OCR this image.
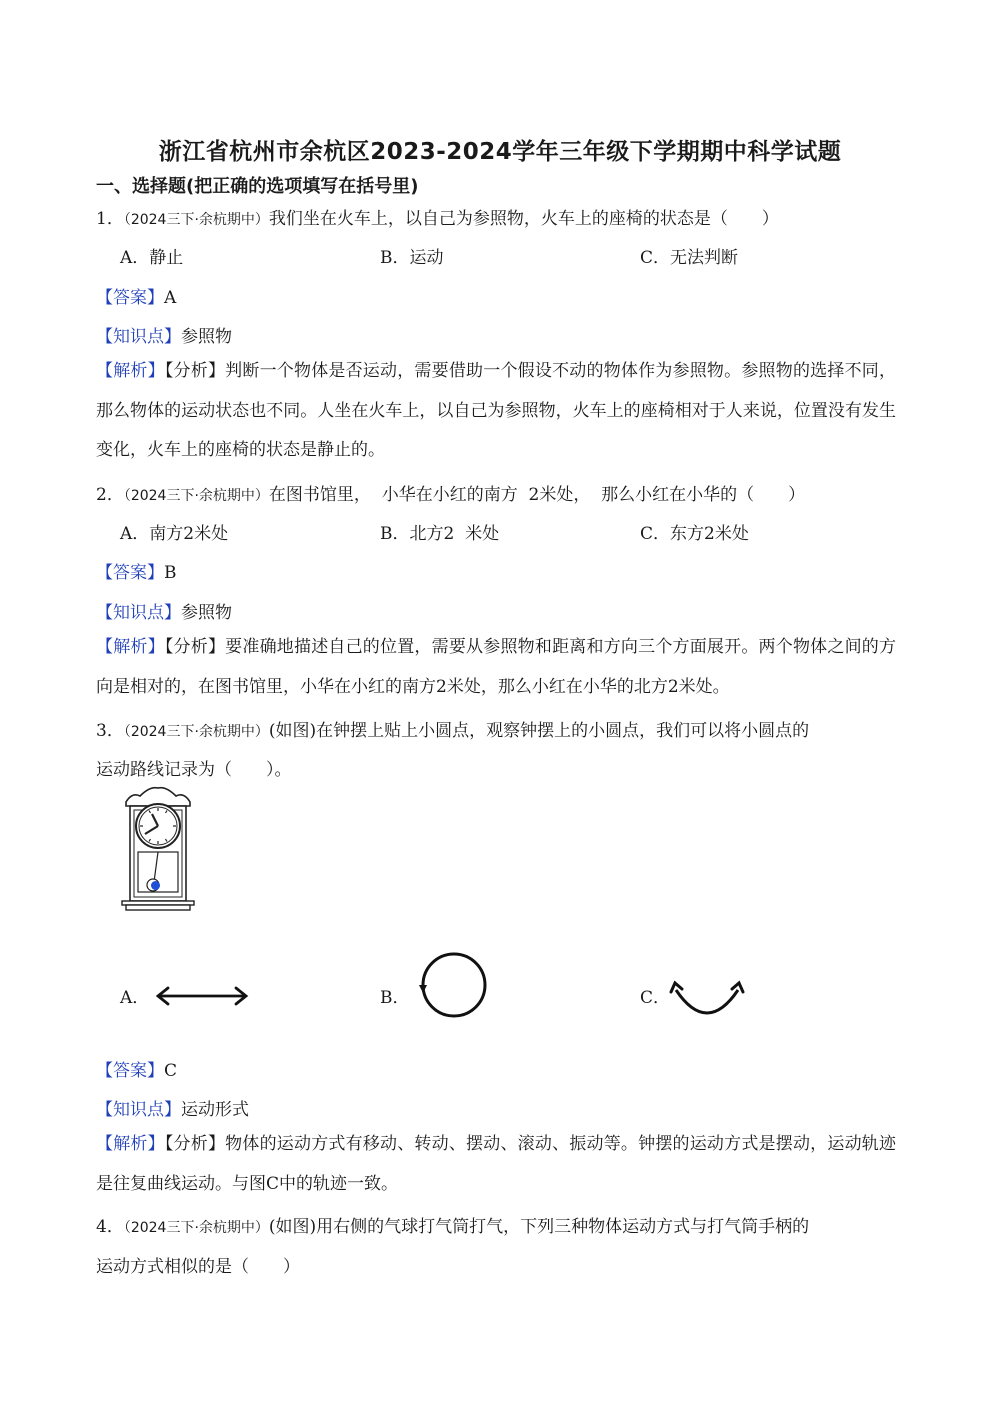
浙江省杭州市余杭区2023-2024学年三年级下学期期中科学试题
一、选择题(把正确的选项填写在括号里)
1．（2024三下·余杭期中）我们坐在火车上，以自己为参照物，火车上的座椅的状态是（　　）
A．静止	B．运动	C．无法判断
【答案】A
【知识点】参照物
【解析】【分析】判断一个物体是否运动，需要借助一个假设不动的物体作为参照物。参照物的选择不同，那么物体的运动状态也不同。人坐在火车上，以自己为参照物，火车上的座椅相对于人来说，位置没有发生变化，火车上的座椅的状态是静止的。
2．（2024三下·余杭期中）在图书馆里，  小华在小红的南方  2米处，  那么小红在小华的（　　）
A．南方2米处	B．北方2  米处	C．东方2米处
【答案】B
【知识点】参照物
【解析】【分析】要准确地描述自己的位置，需要从参照物和距离和方向三个方面展开。两个物体之间的方向是相对的，在图书馆里，小华在小红的南方2米处，那么小红在小华的北方2米处。
3．（2024三下·余杭期中）(如图)在钟摆上贴上小圆点，观察钟摆上的小圆点，我们可以将小圆点的
运动路线记录为（　　）。
A．	B．	C．
【答案】C
【知识点】运动形式
【解析】【分析】物体的运动方式有移动、转动、摆动、滚动、振动等。钟摆的运动方式是摆动，运动轨迹是往复曲线运动。与图C中的轨迹一致。
4．（2024三下·余杭期中）(如图)用右侧的气球打气筒打气，下列三种物体运动方式与打气筒手柄的
运动方式相似的是（　　）
